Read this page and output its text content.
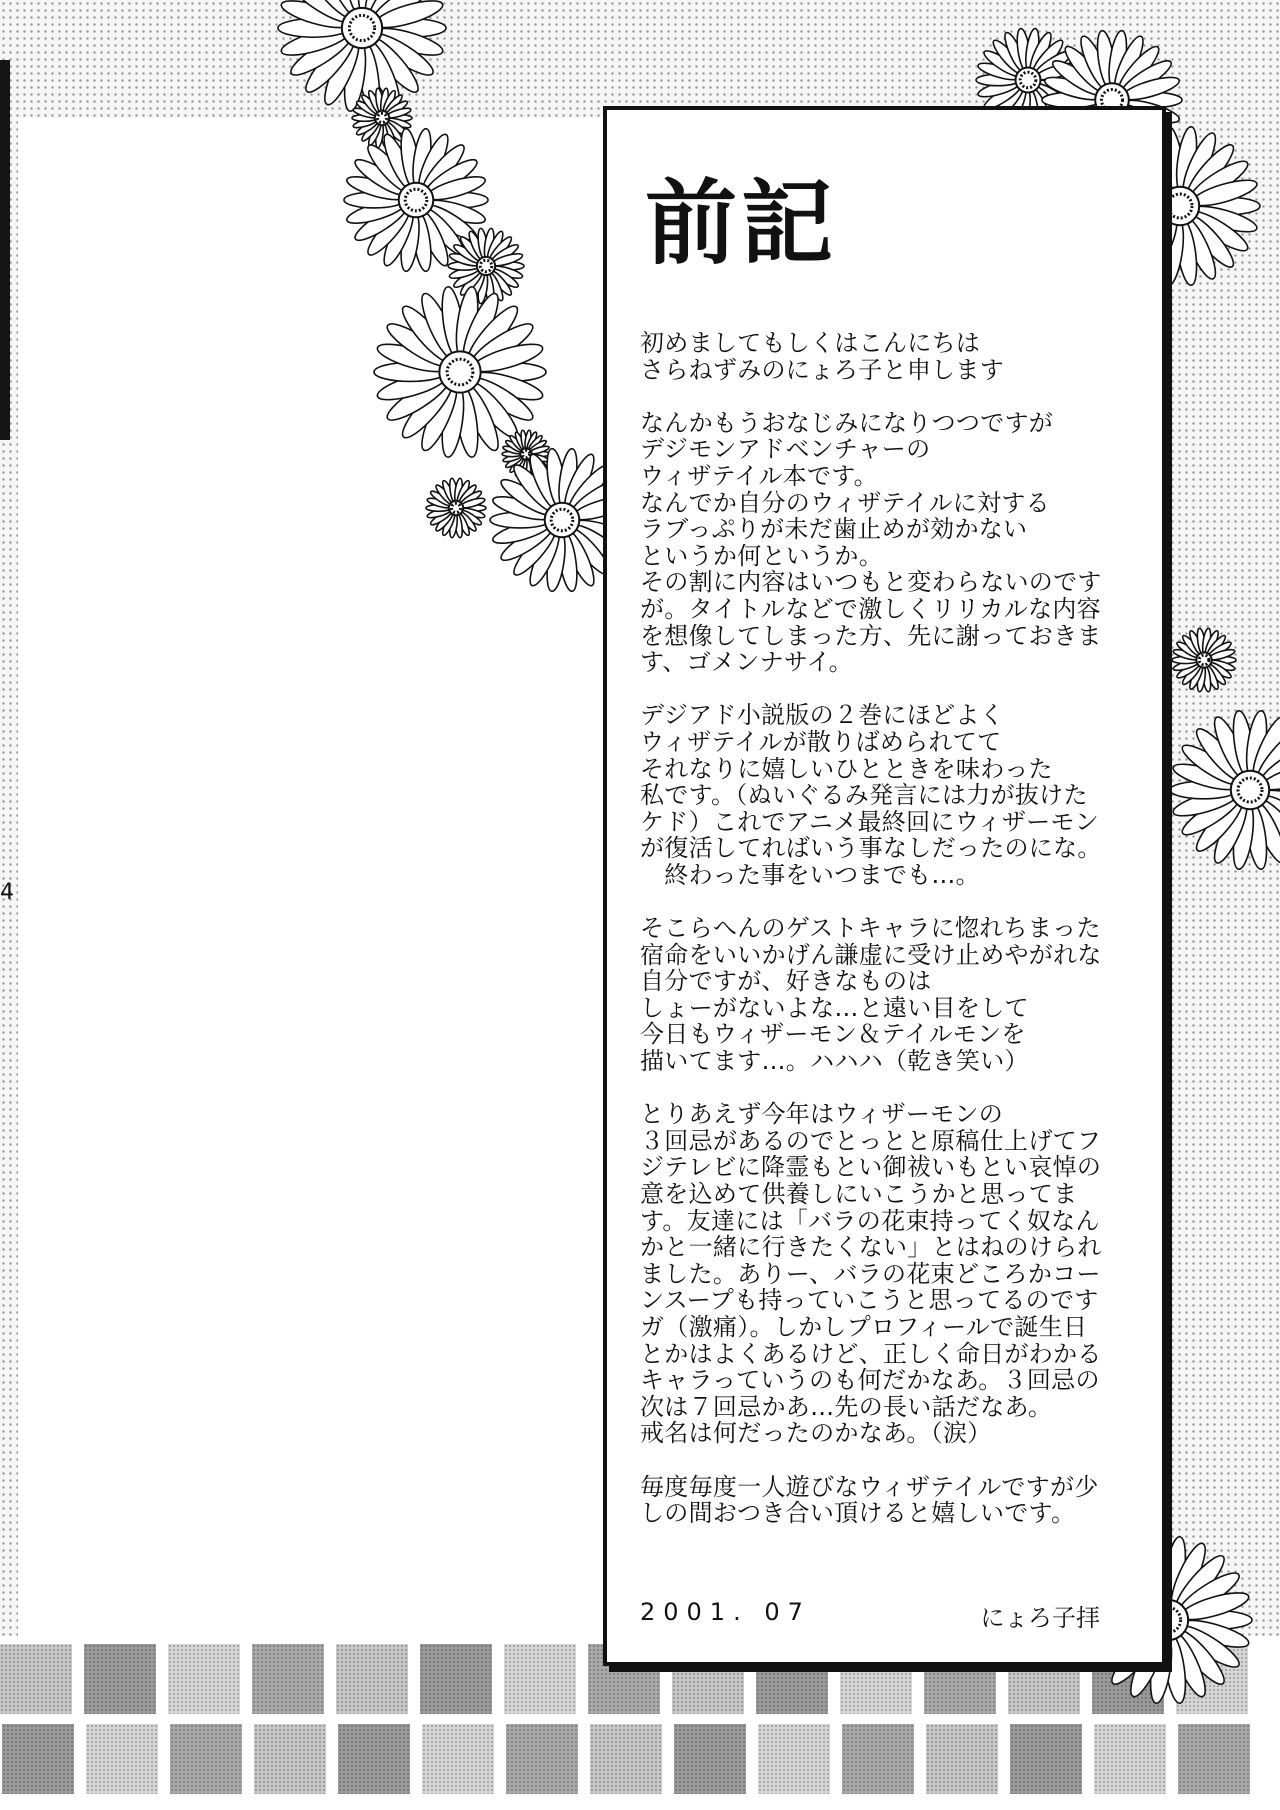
4
前記
初めましてもしくはこんにちは
さらねずみのにょろ子と申します
なんかもうおなじみになりつつですが
デジモンアドベンチャーの
ウィザテイル本です。
なんでか自分のウィザテイルに対する
ラブっぷりが未だ歯止めが効かない
というか何というか。
その割に内容はいつもと変わらないのです
が。タイトルなどで激しくリリカルな内容
を想像してしまった方、先に謝っておきま
す、ゴメンナサイ。
デジアド小説版の２巻にほどよく
ウィザテイルが散りばめられてて
それなりに嬉しいひとときを味わった
私です。（ぬいぐるみ発言には力が抜けた
ケド）これでアニメ最終回にウィザーモン
が復活してればいう事なしだったのにな。
　終わった事をいつまでも…。
そこらへんのゲストキャラに惚れちまった
宿命をいいかげん謙虚に受け止めやがれな
自分ですが、好きなものは
しょーがないよな…と遠い目をして
今日もウィザーモン＆テイルモンを
描いてます…。ハハハ（乾き笑い）
とりあえず今年はウィザーモンの
３回忌があるのでとっとと原稿仕上げてフ
ジテレビに降霊もとい御祓いもとい哀悼の
意を込めて供養しにいこうかと思ってま
す。友達には「バラの花束持ってく奴なん
かと一緒に行きたくない」とはねのけられ
ました。ありー、バラの花束どころかコー
ンスープも持っていこうと思ってるのです
ガ（激痛）。しかしプロフィールで誕生日
とかはよくあるけど、正しく命日がわかる
キャラっていうのも何だかなあ。３回忌の
次は７回忌かあ…先の長い話だなあ。
戒名は何だったのかなあ。（涙）
毎度毎度一人遊びなウィザテイルですが少
しの間おつき合い頂けると嬉しいです。
2001. 07	にょろ子拝
